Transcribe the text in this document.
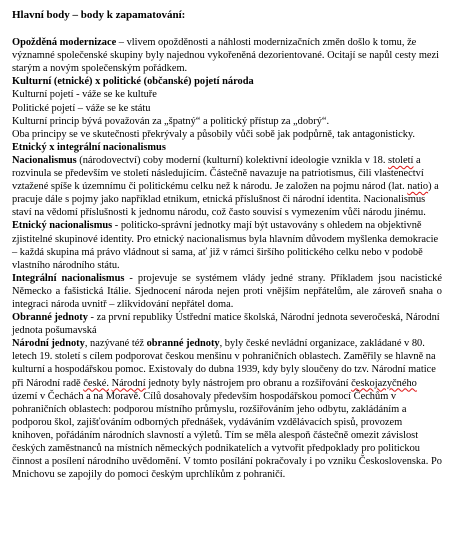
Hlavní body – body k zapamatování:

Opožděná modernizace – vlivem opožděnosti a náhlosti modernizačních změn došlo k tomu, že významné společenské skupiny byly najednou vykořeněná dezorientované. Ocitají se napůl cesty mezi starým a novým společenským pořádkem.

Kulturní (etnické) x politické (občanské) pojetí národa

Kulturní pojetí - váže se ke kultuře

Politické pojetí – váže se ke státu

Kulturní princip bývá považován za „špatný“ a politický přístup za „dobrý“.

Oba principy se ve skutečnosti překrývaly a působily vůči sobě jak podpůrně, tak antagonisticky.

Etnický x integrální nacionalismus

Nacionalismus (národovectví) coby moderní (kulturní) kolektivní ideologie vznikla v 18. století a rozvinula se především ve století následujícím. Částečně navazuje na patriotismus, čili vlastenectví vztažené spíše k územnímu či politickému celku než k národu. Je založen na pojmu národ (lat. natio) a pracuje dále s pojmy jako například etnikum, etnická příslušnost či národní identita. Nacionalismus staví na vědomí příslušnosti k jednomu národu, což často souvisí s vymezením vůči národu jinému.

Etnický nacionalismus - politicko-správní jednotky mají být ustavovány s ohledem na objektivně zjistitelné skupinové identity. Pro etnický nacionalismus byla hlavním důvodem myšlenka demokracie – každá skupina má právo vládnout si sama, ať již v rámci širšího politického celku nebo v podobě vlastního národního státu.

Integrální nacionalismus - projevuje se systémem vlády jedné strany. Příkladem jsou nacistické Německo a fašistická Itálie. Sjednocení národa nejen proti vnějším nepřátelům, ale zároveň snaha o integraci národa uvnitř – zlikvidování nepřátel doma.

Obranné jednoty - za první republiky Ústřední matice školská, Národní jednota severočeská, Národní jednota pošumavská

Národní jednoty, nazývané též obranné jednoty, byly české nevládní organizace, zakládané v 80. letech 19. století s cílem podporovat českou menšinu v pohraničních oblastech. Zaměřily se hlavně na kulturní a hospodářskou pomoc. Existovaly do dubna 1939, kdy byly sloučeny do tzv. Národní matice při Národní radě české. Národní jednoty byly nástrojem pro obranu a rozšiřování českojazyčného území v Čechách a na Moravě. Cílů dosahovaly především hospodářskou pomocí Čechům v pohraničních oblastech: podporou místního průmyslu, rozšiřováním jeho odbytu, zakládáním a podporou škol, zajišťováním odborných přednášek, vydáváním vzdělávacích spisů, provozem knihoven, pořádáním národních slavností a výletů. Tím se měla alespoň částečně omezit závislost českých zaměstnanců na místních německých podnikatelích a vytvořit předpoklady pro politickou činnost a posílení národního uvědomění. V tomto posílání pokračovaly i po vzniku Československa. Po Mnichovu se zapojily do pomoci českým uprchlíkům z pohraničí.
